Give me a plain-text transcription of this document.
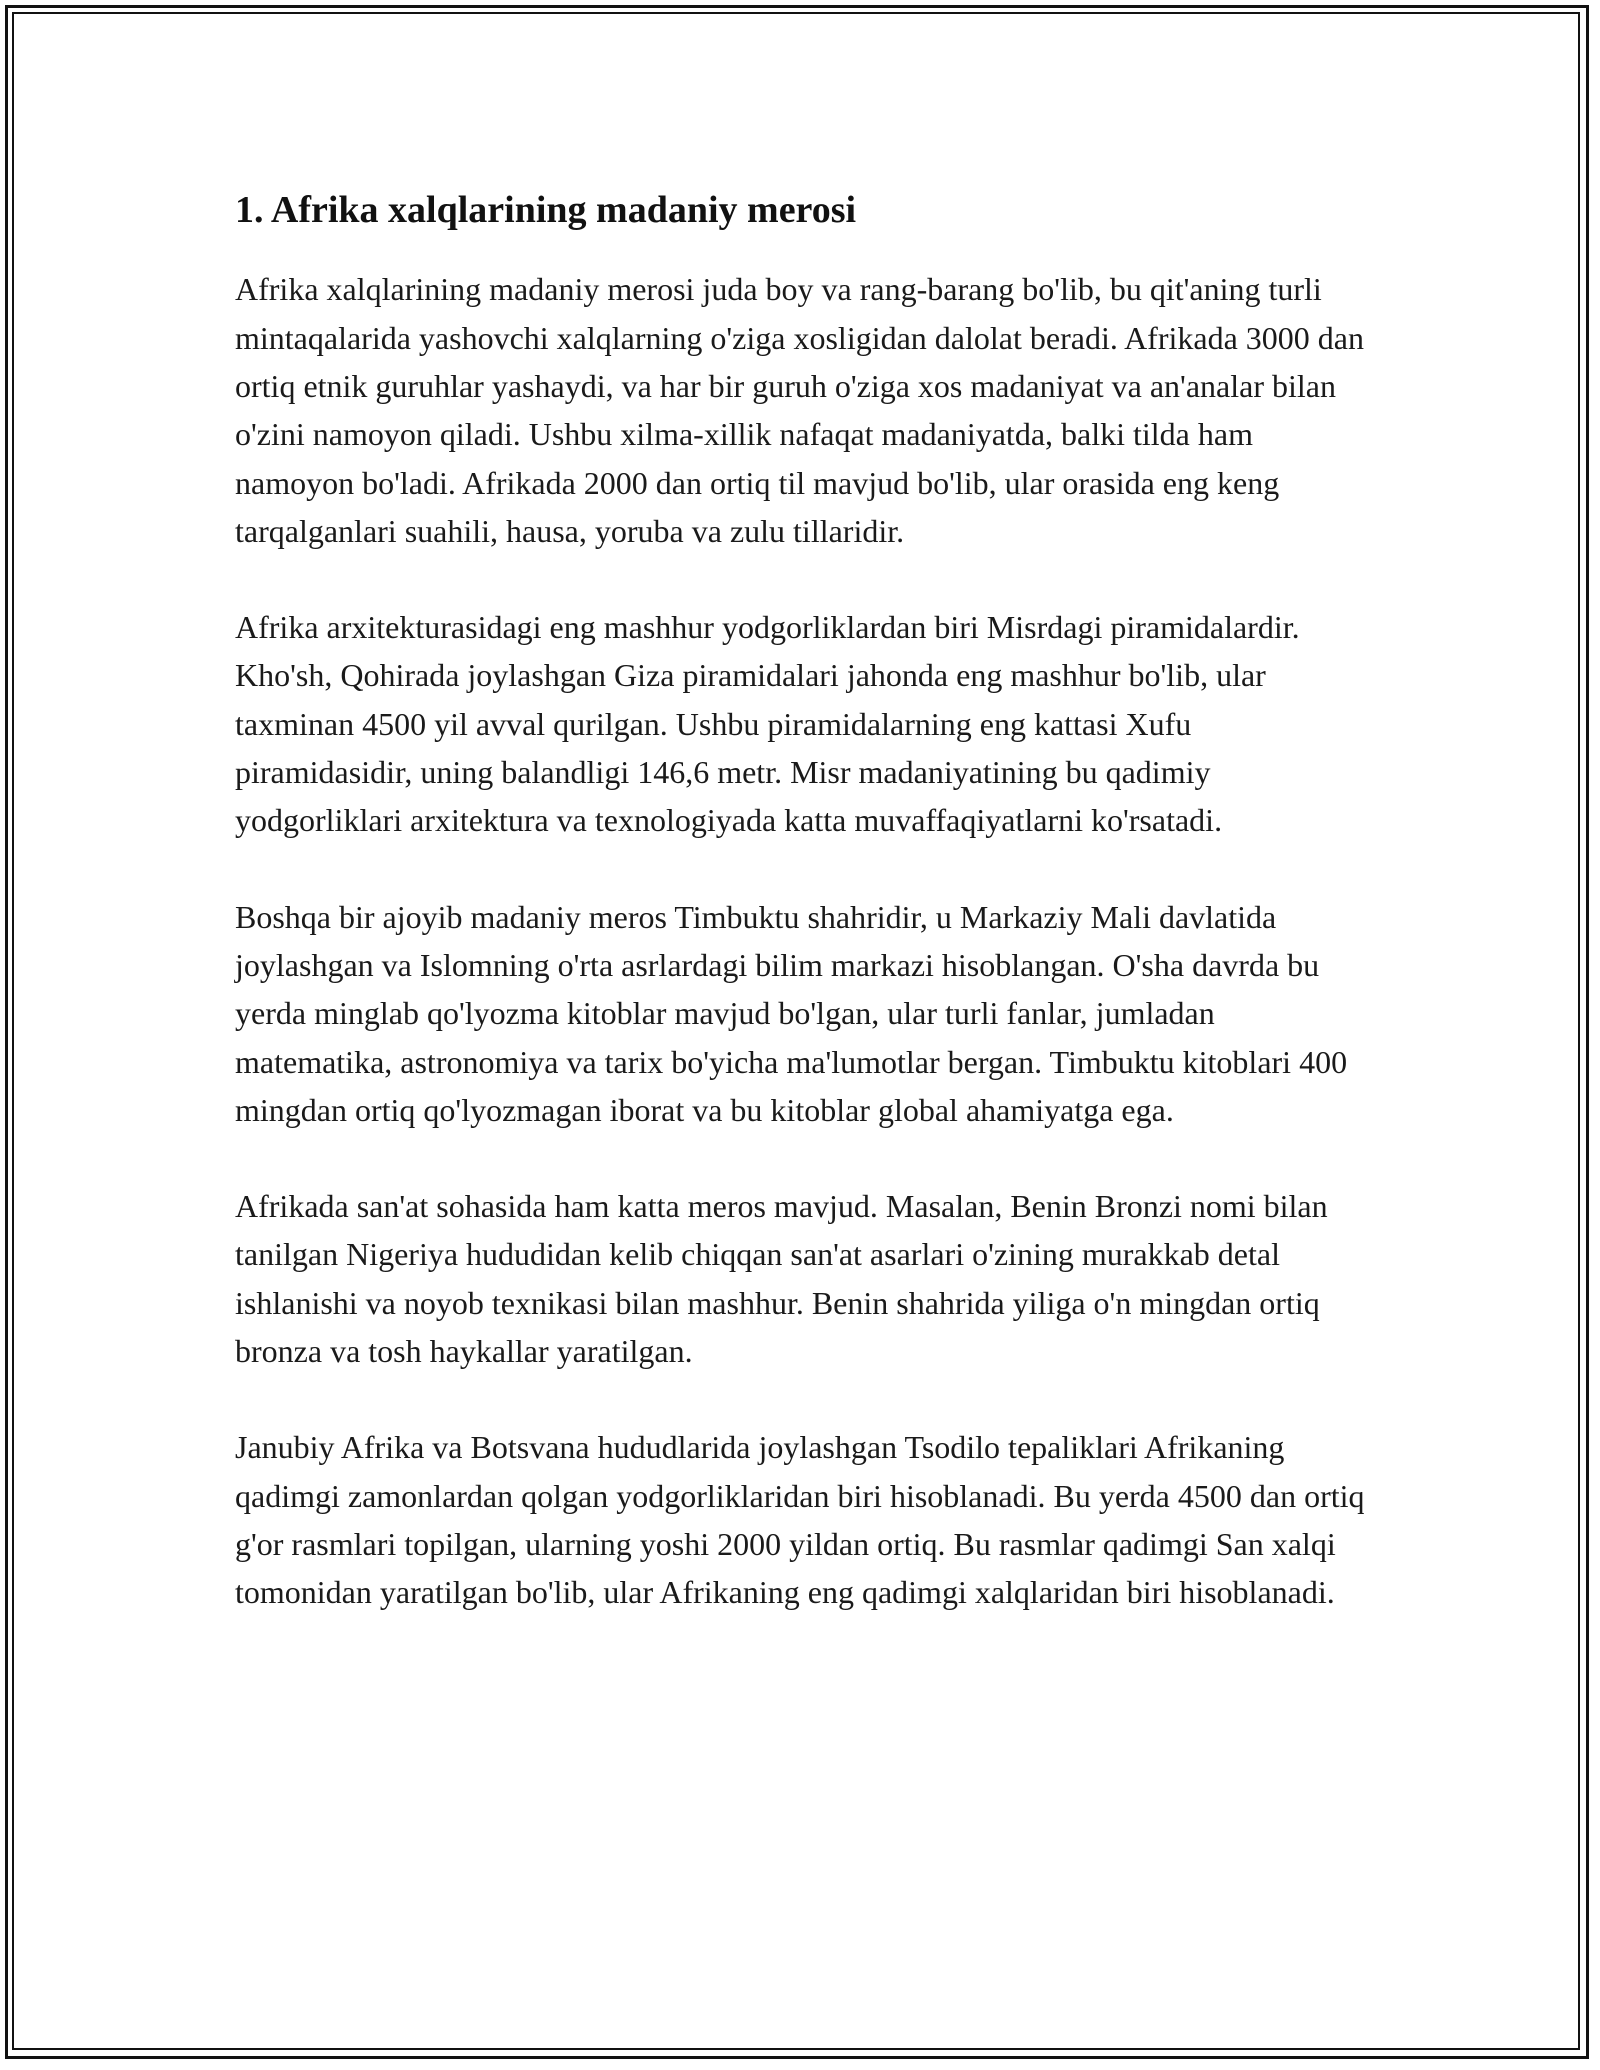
1. Afrika xalqlarining madaniy merosi

Afrika xalqlarining madaniy merosi juda boy va rang-barang bo'lib, bu qit'aning turli mintaqalarida yashovchi xalqlarning o'ziga xosligidan dalolat beradi. Afrikada 3000 dan ortiq etnik guruhlar yashaydi, va har bir guruh o'ziga xos madaniyat va an'analar bilan o'zini namoyon qiladi. Ushbu xilma-xillik nafaqat madaniyatda, balki tilda ham namoyon bo'ladi. Afrikada 2000 dan ortiq til mavjud bo'lib, ular orasida eng keng tarqalganlari suahili, hausa, yoruba va zulu tillaridir.

Afrika arxitekturasidagi eng mashhur yodgorliklardan biri Misrdagi piramidalardir. Kho'sh, Qohirada joylashgan Giza piramidalari jahonda eng mashhur bo'lib, ular taxminan 4500 yil avval qurilgan. Ushbu piramidalarning eng kattasi Xufu piramidasidir, uning balandligi 146,6 metr. Misr madaniyatining bu qadimiy yodgorliklari arxitektura va texnologiyada katta muvaffaqiyatlarni ko'rsatadi.

Boshqa bir ajoyib madaniy meros Timbuktu shahridir, u Markaziy Mali davlatida joylashgan va Islomning o'rta asrlardagi bilim markazi hisoblangan. O'sha davrda bu yerda minglab qo'lyozma kitoblar mavjud bo'lgan, ular turli fanlar, jumladan matematika, astronomiya va tarix bo'yicha ma'lumotlar bergan. Timbuktu kitoblari 400 mingdan ortiq qo'lyozmagan iborat va bu kitoblar global ahamiyatga ega.

Afrikada san'at sohasida ham katta meros mavjud. Masalan, Benin Bronzi nomi bilan tanilgan Nigeriya hududidan kelib chiqqan san'at asarlari o'zining murakkab detal ishlanishi va noyob texnikasi bilan mashhur. Benin shahrida yiliga o'n mingdan ortiq bronza va tosh haykallar yaratilgan.

Janubiy Afrika va Botsvana hududlarida joylashgan Tsodilo tepaliklari Afrikaning qadimgi zamonlardan qolgan yodgorliklaridan biri hisoblanadi. Bu yerda 4500 dan ortiq g'or rasmlari topilgan, ularning yoshi 2000 yildan ortiq. Bu rasmlar qadimgi San xalqi tomonidan yaratilgan bo'lib, ular Afrikaning eng qadimgi xalqlaridan biri hisoblanadi.
